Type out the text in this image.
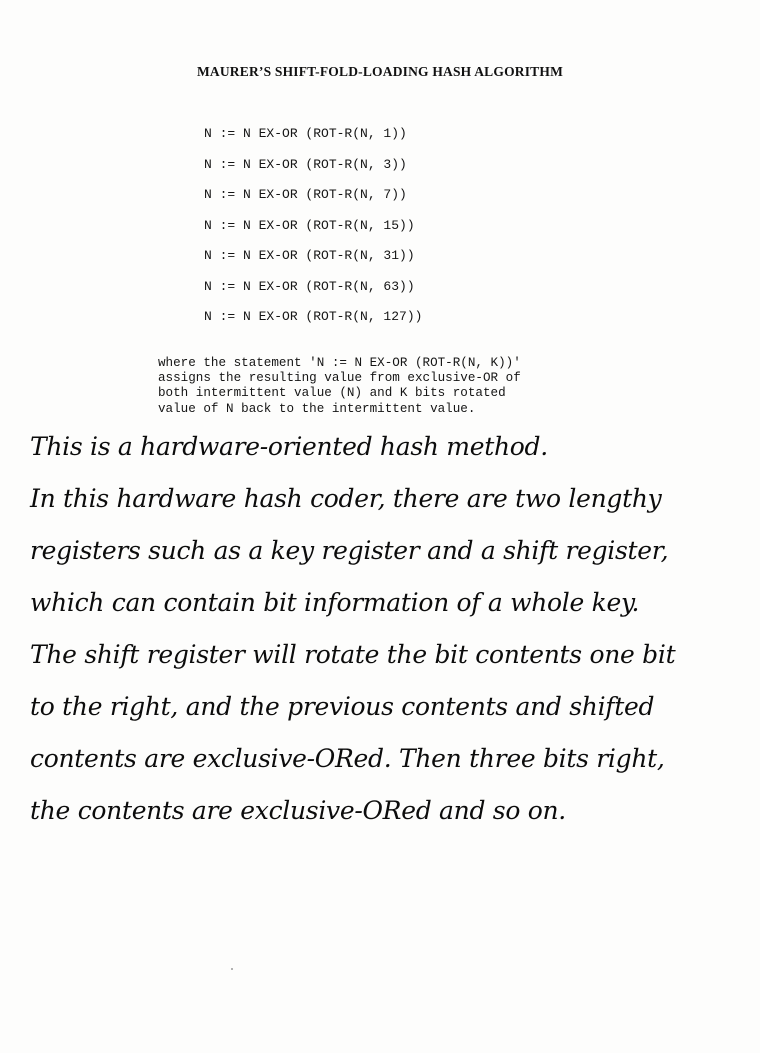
MAURER’S SHIFT-FOLD-LOADING HASH ALGORITHM
N := N EX-OR (ROT-R(N, 1))
N := N EX-OR (ROT-R(N, 3))
N := N EX-OR (ROT-R(N, 7))
N := N EX-OR (ROT-R(N, 15))
N := N EX-OR (ROT-R(N, 31))
N := N EX-OR (ROT-R(N, 63))
N := N EX-OR (ROT-R(N, 127))
where the statement 'N := N EX-OR (ROT-R(N, K))'
assigns the resulting value from exclusive-OR of
both intermittent value (N) and K bits rotated
value of N back to the intermittent value.
This is a hardware-oriented hash method.
In this hardware hash coder, there are two lengthy
registers such as a key register and a shift register,
which can contain bit information of a whole key.
The shift register will rotate the bit contents one bit
to the right, and the previous contents and shifted
contents are exclusive-ORed. Then three bits right,
the contents are exclusive-ORed and so on.
